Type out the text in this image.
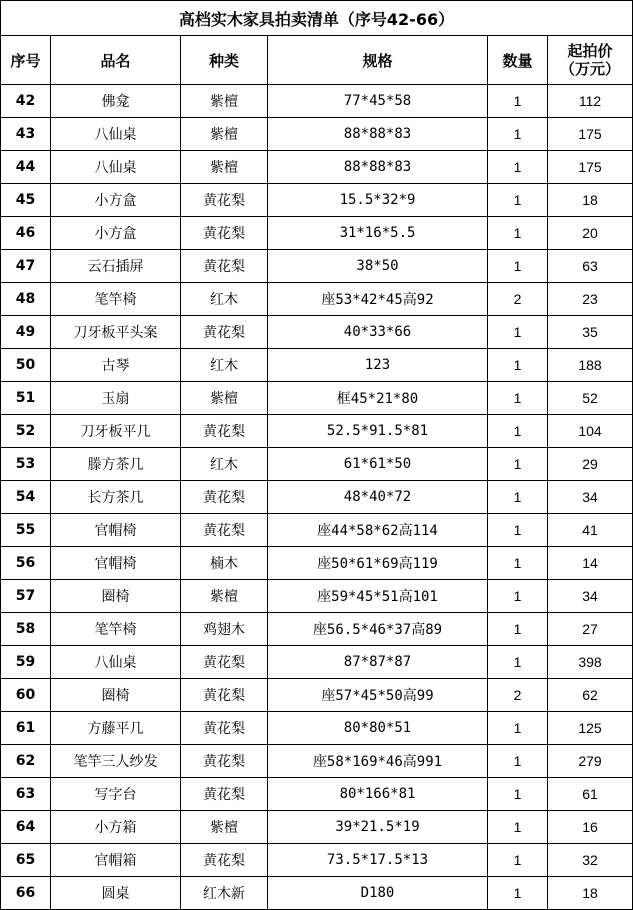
高档实木家具拍卖清单（序号42-66）					
序号	品名	种类	规格	数量	起拍价
（万元）

42	佛龛	紫檀	77*45*58	1	112
43	八仙桌	紫檀	88*88*83	1	175
44	八仙桌	紫檀	88*88*83	1	175
45	小方盒	黄花梨	15.5*32*9	1	18
46	小方盒	黄花梨	31*16*5.5	1	20
47	云石插屏	黄花梨	38*50	1	63
48	笔竿椅	红木	座53*42*45高92	2	23
49	刀牙板平头案	黄花梨	40*33*66	1	35
50	古琴	红木	123	1	188
51	玉扇	紫檀	框45*21*80	1	52
52	刀牙板平几	黄花梨	52.5*91.5*81	1	104
53	滕方茶几	红木	61*61*50	1	29
54	长方茶几	黄花梨	48*40*72	1	34
55	官帽椅	黄花梨	座44*58*62高114	1	41
56	官帽椅	楠木	座50*61*69高119	1	14
57	圈椅	紫檀	座59*45*51高101	1	34
58	笔竿椅	鸡翅木	座56.5*46*37高89	1	27
59	八仙桌	黄花梨	87*87*87	1	398
60	圈椅	黄花梨	座57*45*50高99	2	62
61	方藤平几	黄花梨	80*80*51	1	125
62	笔竿三人纱发	黄花梨	座58*169*46高991	1	279
63	写字台	黄花梨	80*166*81	1	61
64	小方箱	紫檀	39*21.5*19	1	16
65	官帽箱	黄花梨	73.5*17.5*13	1	32
66	圆桌	红木新	D180	1	18
